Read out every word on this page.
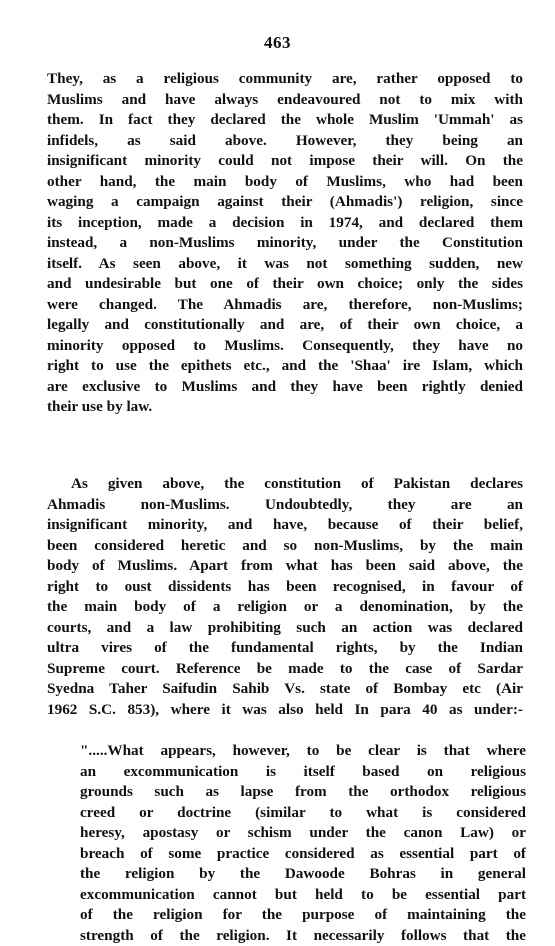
463
They, as a religious community are, rather opposed to
Muslims and have always endeavoured not to mix with
them. In fact they declared the whole Muslim 'Ummah' as
infidels, as said above. However, they being an
insignificant minority could not impose their will. On the
other hand, the main body of Muslims, who had been
waging a campaign against their (Ahmadis') religion, since
its inception, made a decision in 1974, and declared them
instead, a non-Muslims minority, under the Constitution
itself. As seen above, it was not something sudden, new
and undesirable but one of their own choice; only the sides
were changed. The Ahmadis are, therefore, non-Muslims;
legally and constitutionally and are, of their own choice, a
minority opposed to Muslims. Consequently, they have no
right to use the epithets etc., and the 'Shaa' ire Islam, which
are exclusive to Muslims and they have been rightly denied
their use by law.
As given above, the constitution of Pakistan declares
Ahmadis non-Muslims. Undoubtedly, they are an
insignificant minority, and have, because of their belief,
been considered heretic and so non-Muslims, by the main
body of Muslims. Apart from what has been said above, the
right to oust dissidents has been recognised, in favour of
the main body of a religion or a denomination, by the
courts, and a law prohibiting such an action was declared
ultra vires of the fundamental rights, by the Indian
Supreme court. Reference be made to the case of Sardar
Syedna Taher Saifudin Sahib Vs. state of Bombay etc (Air
1962 S.C. 853), where it was also held In para 40 as under:-
".....What appears, however, to be clear is that where
an excommunication is itself based on religious
grounds such as lapse from the orthodox religious
creed or doctrine (similar to what is considered
heresy, apostasy or schism under the canon Law) or
breach of some practice considered as essential part of
the religion by the Dawoode Bohras in general
excommunication cannot but held to be essential part
of the religion for the purpose of maintaining the
strength of the religion. It necessarily follows that the
